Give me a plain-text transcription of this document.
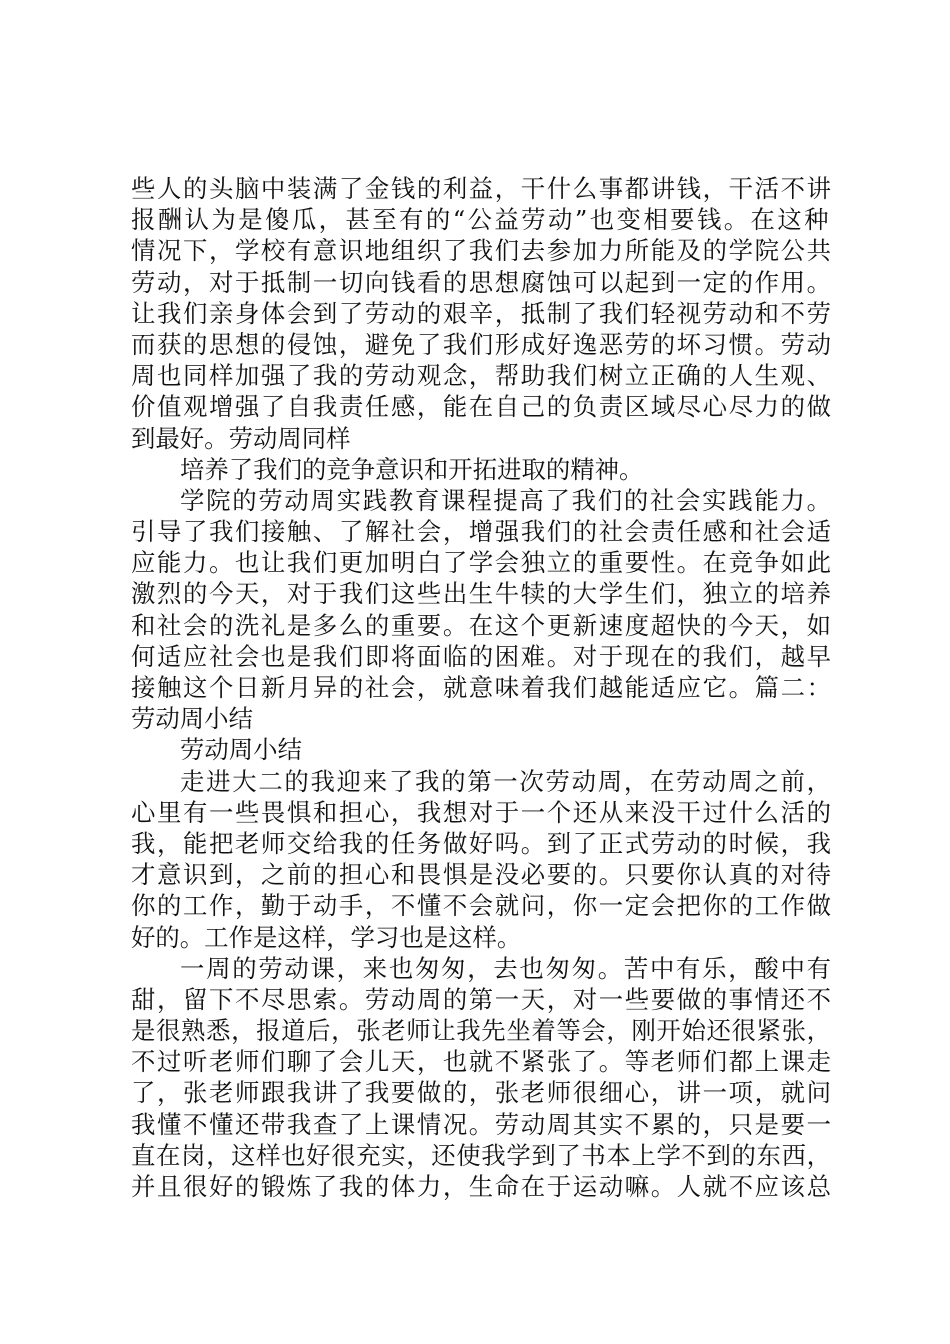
些人的头脑中装满了金钱的利益，干什么事都讲钱，干活不讲
报酬认为是傻瓜，甚至有的“公益劳动”也变相要钱。在这种
情况下，学校有意识地组织了我们去参加力所能及的学院公共
劳动，对于抵制一切向钱看的思想腐蚀可以起到一定的作用。
让我们亲身体会到了劳动的艰辛，抵制了我们轻视劳动和不劳
而获的思想的侵蚀，避免了我们形成好逸恶劳的坏习惯。劳动
周也同样加强了我的劳动观念，帮助我们树立正确的人生观、
价值观增强了自我责任感，能在自己的负责区域尽心尽力的做
到最好。劳动周同样
培养了我们的竞争意识和开拓进取的精神。
学院的劳动周实践教育课程提高了我们的社会实践能力。
引导了我们接触、了解社会，增强我们的社会责任感和社会适
应能力。也让我们更加明白了学会独立的重要性。在竞争如此
激烈的今天，对于我们这些出生牛犊的大学生们，独立的培养
和社会的洗礼是多么的重要。在这个更新速度超快的今天，如
何适应社会也是我们即将面临的困难。对于现在的我们，越早
接触这个日新月异的社会，就意味着我们越能适应它。篇二：
劳动周小结
劳动周小结
走进大二的我迎来了我的第一次劳动周，在劳动周之前，
心里有一些畏惧和担心，我想对于一个还从来没干过什么活的
我，能把老师交给我的任务做好吗。到了正式劳动的时候，我
才意识到，之前的担心和畏惧是没必要的。只要你认真的对待
你的工作，勤于动手，不懂不会就问，你一定会把你的工作做
好的。工作是这样，学习也是这样。
一周的劳动课，来也匆匆，去也匆匆。苦中有乐，酸中有
甜，留下不尽思索。劳动周的第一天，对一些要做的事情还不
是很熟悉，报道后，张老师让我先坐着等会，刚开始还很紧张，
不过听老师们聊了会儿天，也就不紧张了。等老师们都上课走
了，张老师跟我讲了我要做的，张老师很细心，讲一项，就问
我懂不懂还带我查了上课情况。劳动周其实不累的，只是要一
直在岗，这样也好很充实，还使我学到了书本上学不到的东西，
并且很好的锻炼了我的体力，生命在于运动嘛。人就不应该总
